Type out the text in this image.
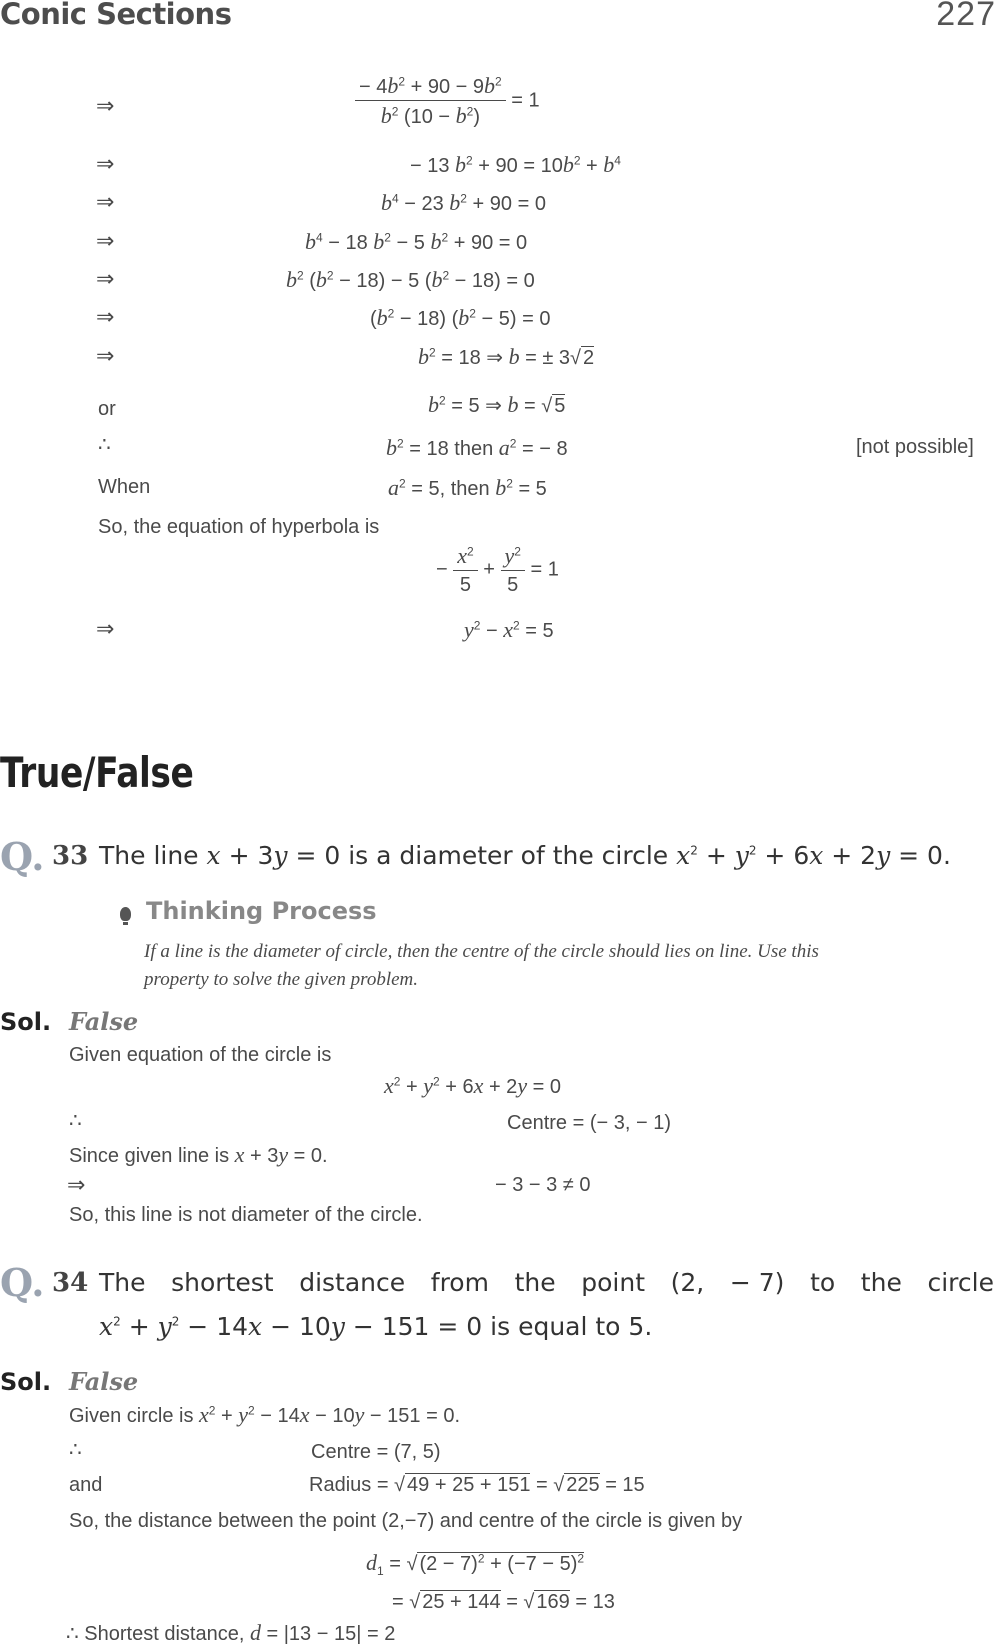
Conic Sections	227
⇒	$\frac{- 4b^2 + 90 - 9b^2}{b^2 (10 - b^2)} = 1$
⇒	− 13 $b^2 + 90 = 10b^2 + b^4$
⇒	$b^4 - 23$ $b^2 + 90 = 0$
⇒	$b^4 - 18$ $b^2 - 5$ $b^2 + 90 = 0$
⇒	$b^2$ $(b^2 - 18) - 5$ $(b^2 - 18) = 0$
⇒	$(b^2 - 18) (b^2 - 5) = 0$
⇒	$b^2 = 18$ ⇒ b = ± 3√ 2
or	$b^2 = 5$ ⇒ b = √ 5
∴	$b^2 = 18$ then $a^2$ = − 8	[not possible]
When	$a^2 = 5$, then $b^2 = 5$
So, the equation of hyperbola is
− $\frac{x^2}{5} + \frac{y^2}{5} = 1$
⇒	$y^2 - x^2 = 5$
True/False
Q. 33 The line x + 3y = 0 is a diameter of the circle $x^2 + y^2 + 6x + 2y = 0$.
Thinking Process
If a line is the diameter of circle, then the centre of the circle should lies on line. Use this
property to solve the given problem.
Sol. False
Given equation of the circle is
$x^2 + y^2 + 6x + 2y = 0$
∴	Centre = (− 3, − 1)
Since given line is x + 3y = 0.
⇒	− 3 − 3 ≠ 0
So, this line is not diameter of the circle.
Q. 34 The shortest distance from the point (2, − 7) to the circle
$x^2 + y^2 - 14x - 10y - 151 = 0$ is equal to 5.
Sol. False
Given circle is $x^2 + y^2 - 14x - 10y - 151 = 0$.
∴	Centre = (7, 5)
and	Radius = √ 49 + 25 + 151 = √ 225 = 15
So, the distance between the point (2,−7) and centre of the circle is given by
$d_1$ = √ $(2 - 7)^2 + (-7 - 5)^2$
= √ 25 + 144 = √ 169 = 13
∴ Shortest distance, d = |13 − 15| = 2
